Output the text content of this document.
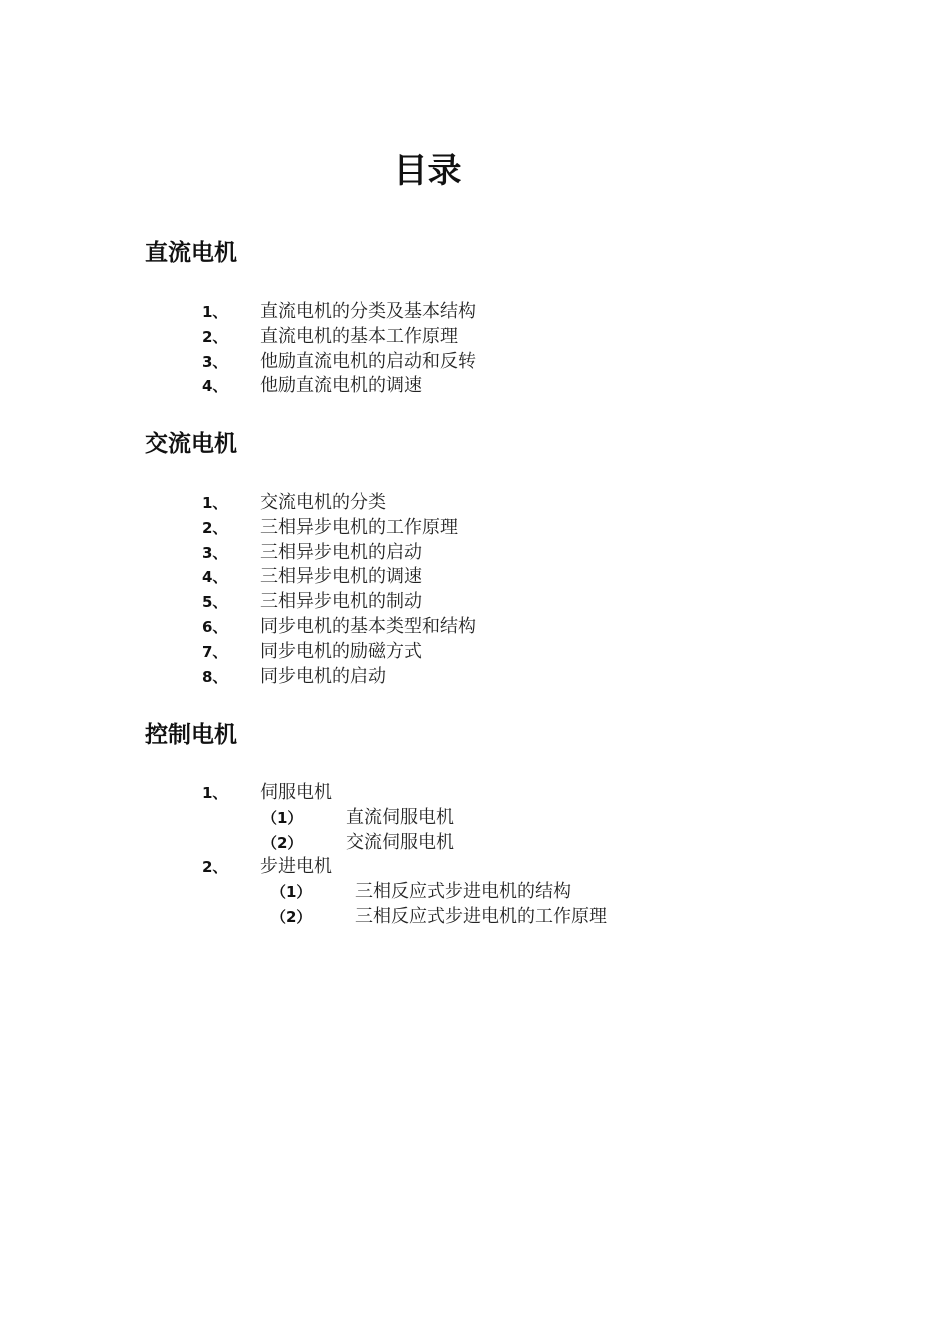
目录
直流电机
1、 直流电机的分类及基本结构
2、 直流电机的基本工作原理
3、 他励直流电机的启动和反转
4、 他励直流电机的调速
交流电机
1、 交流电机的分类
2、 三相异步电机的工作原理
3、 三相异步电机的启动
4、 三相异步电机的调速
5、 三相异步电机的制动
6、 同步电机的基本类型和结构
7、 同步电机的励磁方式
8、 同步电机的启动
控制电机
1、 伺服电机
（1） 直流伺服电机
（2） 交流伺服电机
2、 步进电机
（1） 三相反应式步进电机的结构
（2） 三相反应式步进电机的工作原理
